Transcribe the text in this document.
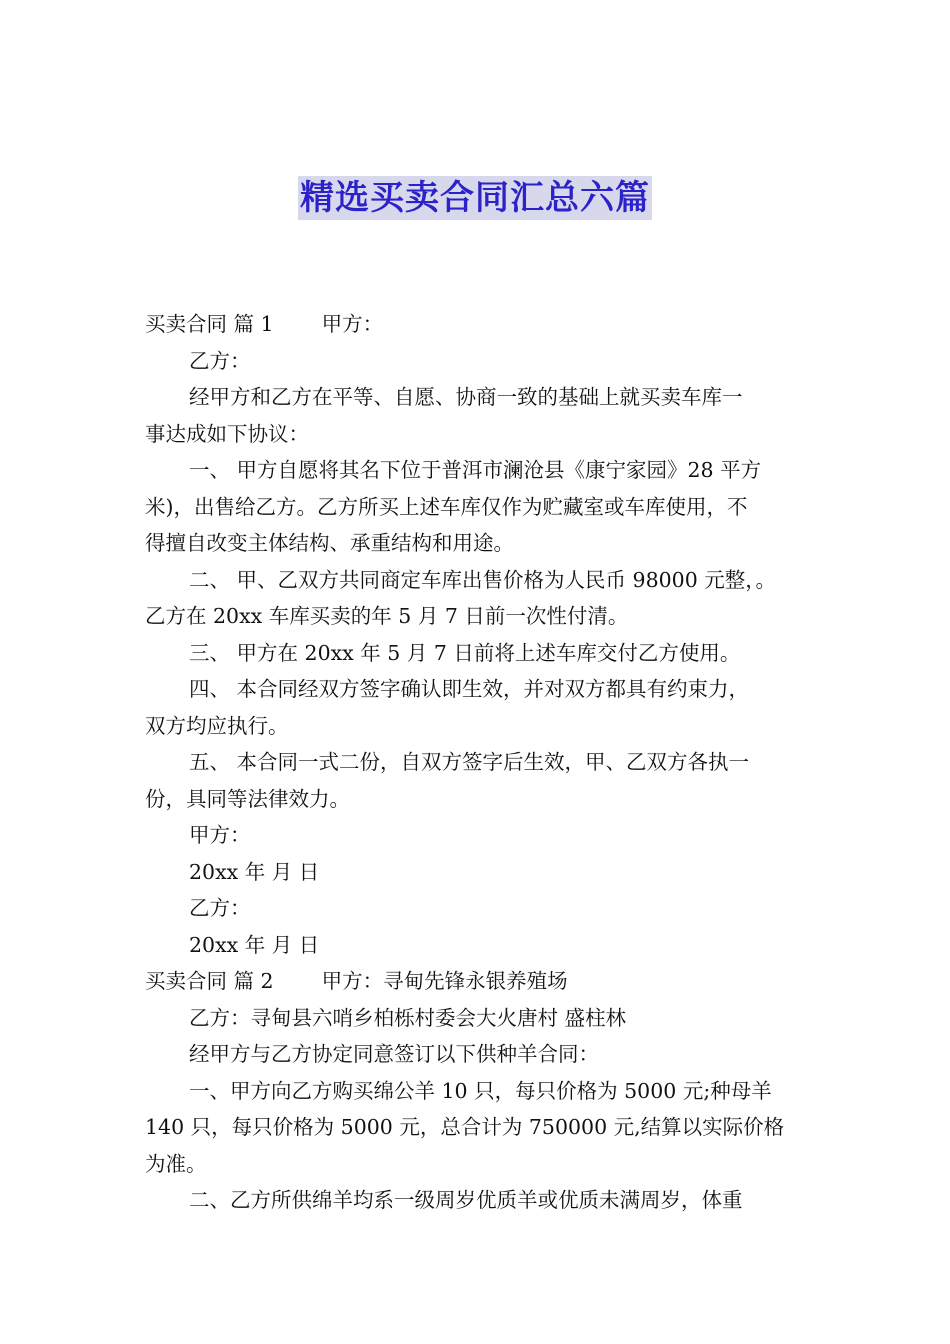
精选买卖合同汇总六篇
买卖合同 篇 1 甲方：
乙方：
经甲方和乙方在平等、自愿、协商一致的基础上就买卖车库一
事达成如下协议：
一、 甲方自愿将其名下位于普洱市澜沧县《康宁家园》28 平方
米)，出售给乙方。乙方所买上述车库仅作为贮藏室或车库使用，不
得擅自改变主体结构、承重结构和用途。
二、 甲、乙双方共同商定车库出售价格为人民币 98000 元整，。
乙方在 20xx 车库买卖的年 5 月 7 日前一次性付清。
三、 甲方在 20xx 年 5 月 7 日前将上述车库交付乙方使用。
四、 本合同经双方签字确认即生效，并对双方都具有约束力，
双方均应执行。
五、 本合同一式二份，自双方签字后生效，甲、乙双方各执一
份，具同等法律效力。
甲方：
20xx 年 月 日
乙方：
20xx 年 月 日
买卖合同 篇 2 甲方：寻甸先锋永银养殖场
乙方：寻甸县六哨乡柏栎村委会大火唐村 盛柱林
经甲方与乙方协定同意签订以下供种羊合同：
一、甲方向乙方购买绵公羊 10 只，每只价格为 5000 元;种母羊
140 只，每只价格为 5000 元，总合计为 750000 元,结算以实际价格
为准。
二、乙方所供绵羊均系一级周岁优质羊或优质未满周岁，体重
